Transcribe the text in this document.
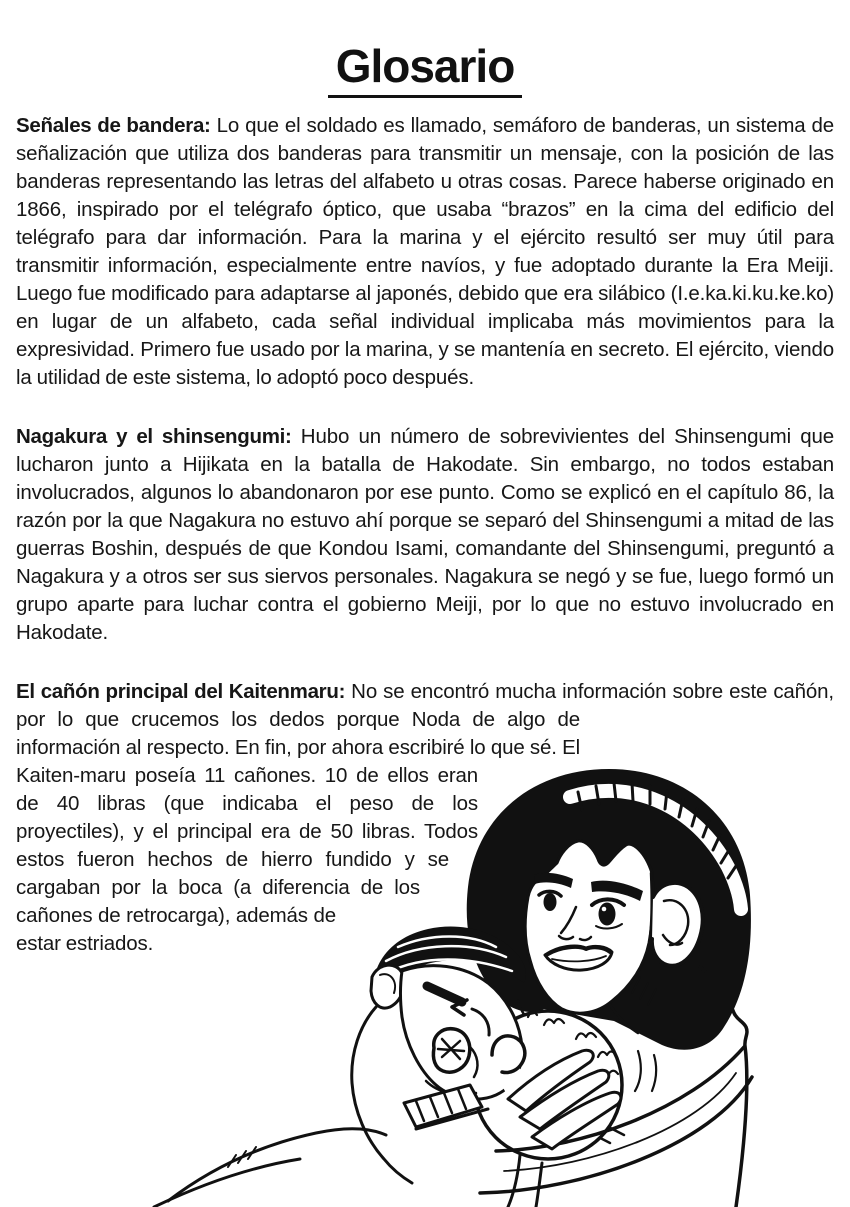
Glosario

Señales de bandera: Lo que el soldado es llamado, semáforo de banderas, un sistema de señalización que utiliza dos banderas para transmitir un mensaje, con la posición de las banderas representando las letras del alfabeto u otras cosas. Parece haberse originado en 1866, inspirado por el telégrafo óptico, que usaba “brazos” en la cima del edificio del telégrafo para dar información. Para la marina y el ejército resultó ser muy útil para transmitir información, especialmente entre navíos, y fue adoptado durante la Era Meiji. Luego fue modificado para adaptarse al japonés, debido que era silábico (I.e.ka.ki.ku.ke.ko) en lugar de un alfabeto, cada señal individual implicaba más movimientos para la expresividad. Primero fue usado por la marina, y se mantenía en secreto. El ejército, viendo la utilidad de este sistema, lo adoptó poco después.

Nagakura y el shinsengumi: Hubo un número de sobrevivientes del Shinsengumi que lucharon junto a Hijikata en la batalla de Hakodate. Sin embargo, no todos estaban involucrados, algunos lo abandonaron por ese punto. Como se explicó en el capítulo 86, la razón por la que Nagakura no estuvo ahí porque se separó del Shinsengumi a mitad de las guerras Boshin, después de que Kondou Isami, comandante del Shinsengumi, preguntó a Nagakura y a otros ser sus siervos personales. Nagakura se negó y se fue, luego formó un grupo aparte para luchar contra el gobierno Meiji, por lo que no estuvo involucrado en Hakodate.

El cañón principal del Kaitenmaru: No se encontró mucha información sobre este cañón, por lo que crucemos los dedos porque Noda de algo de información al respecto. En fin, por ahora escribiré lo que sé. El Kaiten-maru poseía 11 cañones. 10 de ellos eran de 40 libras (que indicaba el peso de los proyectiles), y el principal era de 50 libras. Todos estos fueron hechos de hierro fundido y se cargaban por la boca (a diferencia de los cañones de retrocarga), además de estar estriados.
